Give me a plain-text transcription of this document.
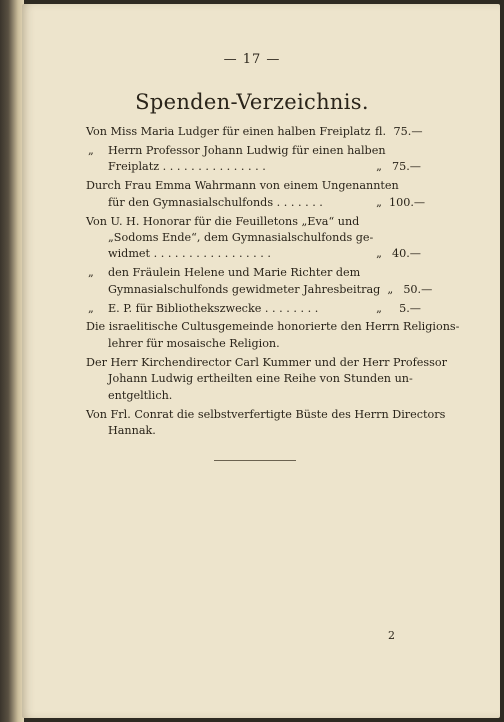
— 17 —
Spenden-Verzeichnis.
Von Miss Maria Ludger für einen halben Freiplatz fl. 75.—
„	Herrn Professor Johann Ludwig für einen halben
Freiplatz . . . . . . . . . . . . . . .	„ 75.—
Durch Frau Emma Wahrmann von einem Ungenannten
für den Gymnasialschulfonds . . . . . . .	„ 100.—
Von U. H. Honorar für die Feuilletons „Eva“ und
„Sodoms Ende“, dem Gymnasialschulfonds ge-
widmet . . . . . . . . . . . . . . . . .	„ 40.—
„	den Fräulein Helene und Marie Richter dem
Gymnasialschulfonds gewidmeter Jahresbeitrag „ 50.—
„	E. P. für Bibliothekszwecke . . . . . . . .	„	5.—
Die israelitische Cultusgemeinde honorierte den Herrn Religions-
lehrer für mosaische Religion.
Der Herr Kirchendirector Carl Kummer und der Herr Professor
Johann Ludwig ertheilten eine Reihe von Stunden un-
entgeltlich.
Von Frl. Conrat die selbstverfertigte Büste des Herrn Directors
Hannak.
2
